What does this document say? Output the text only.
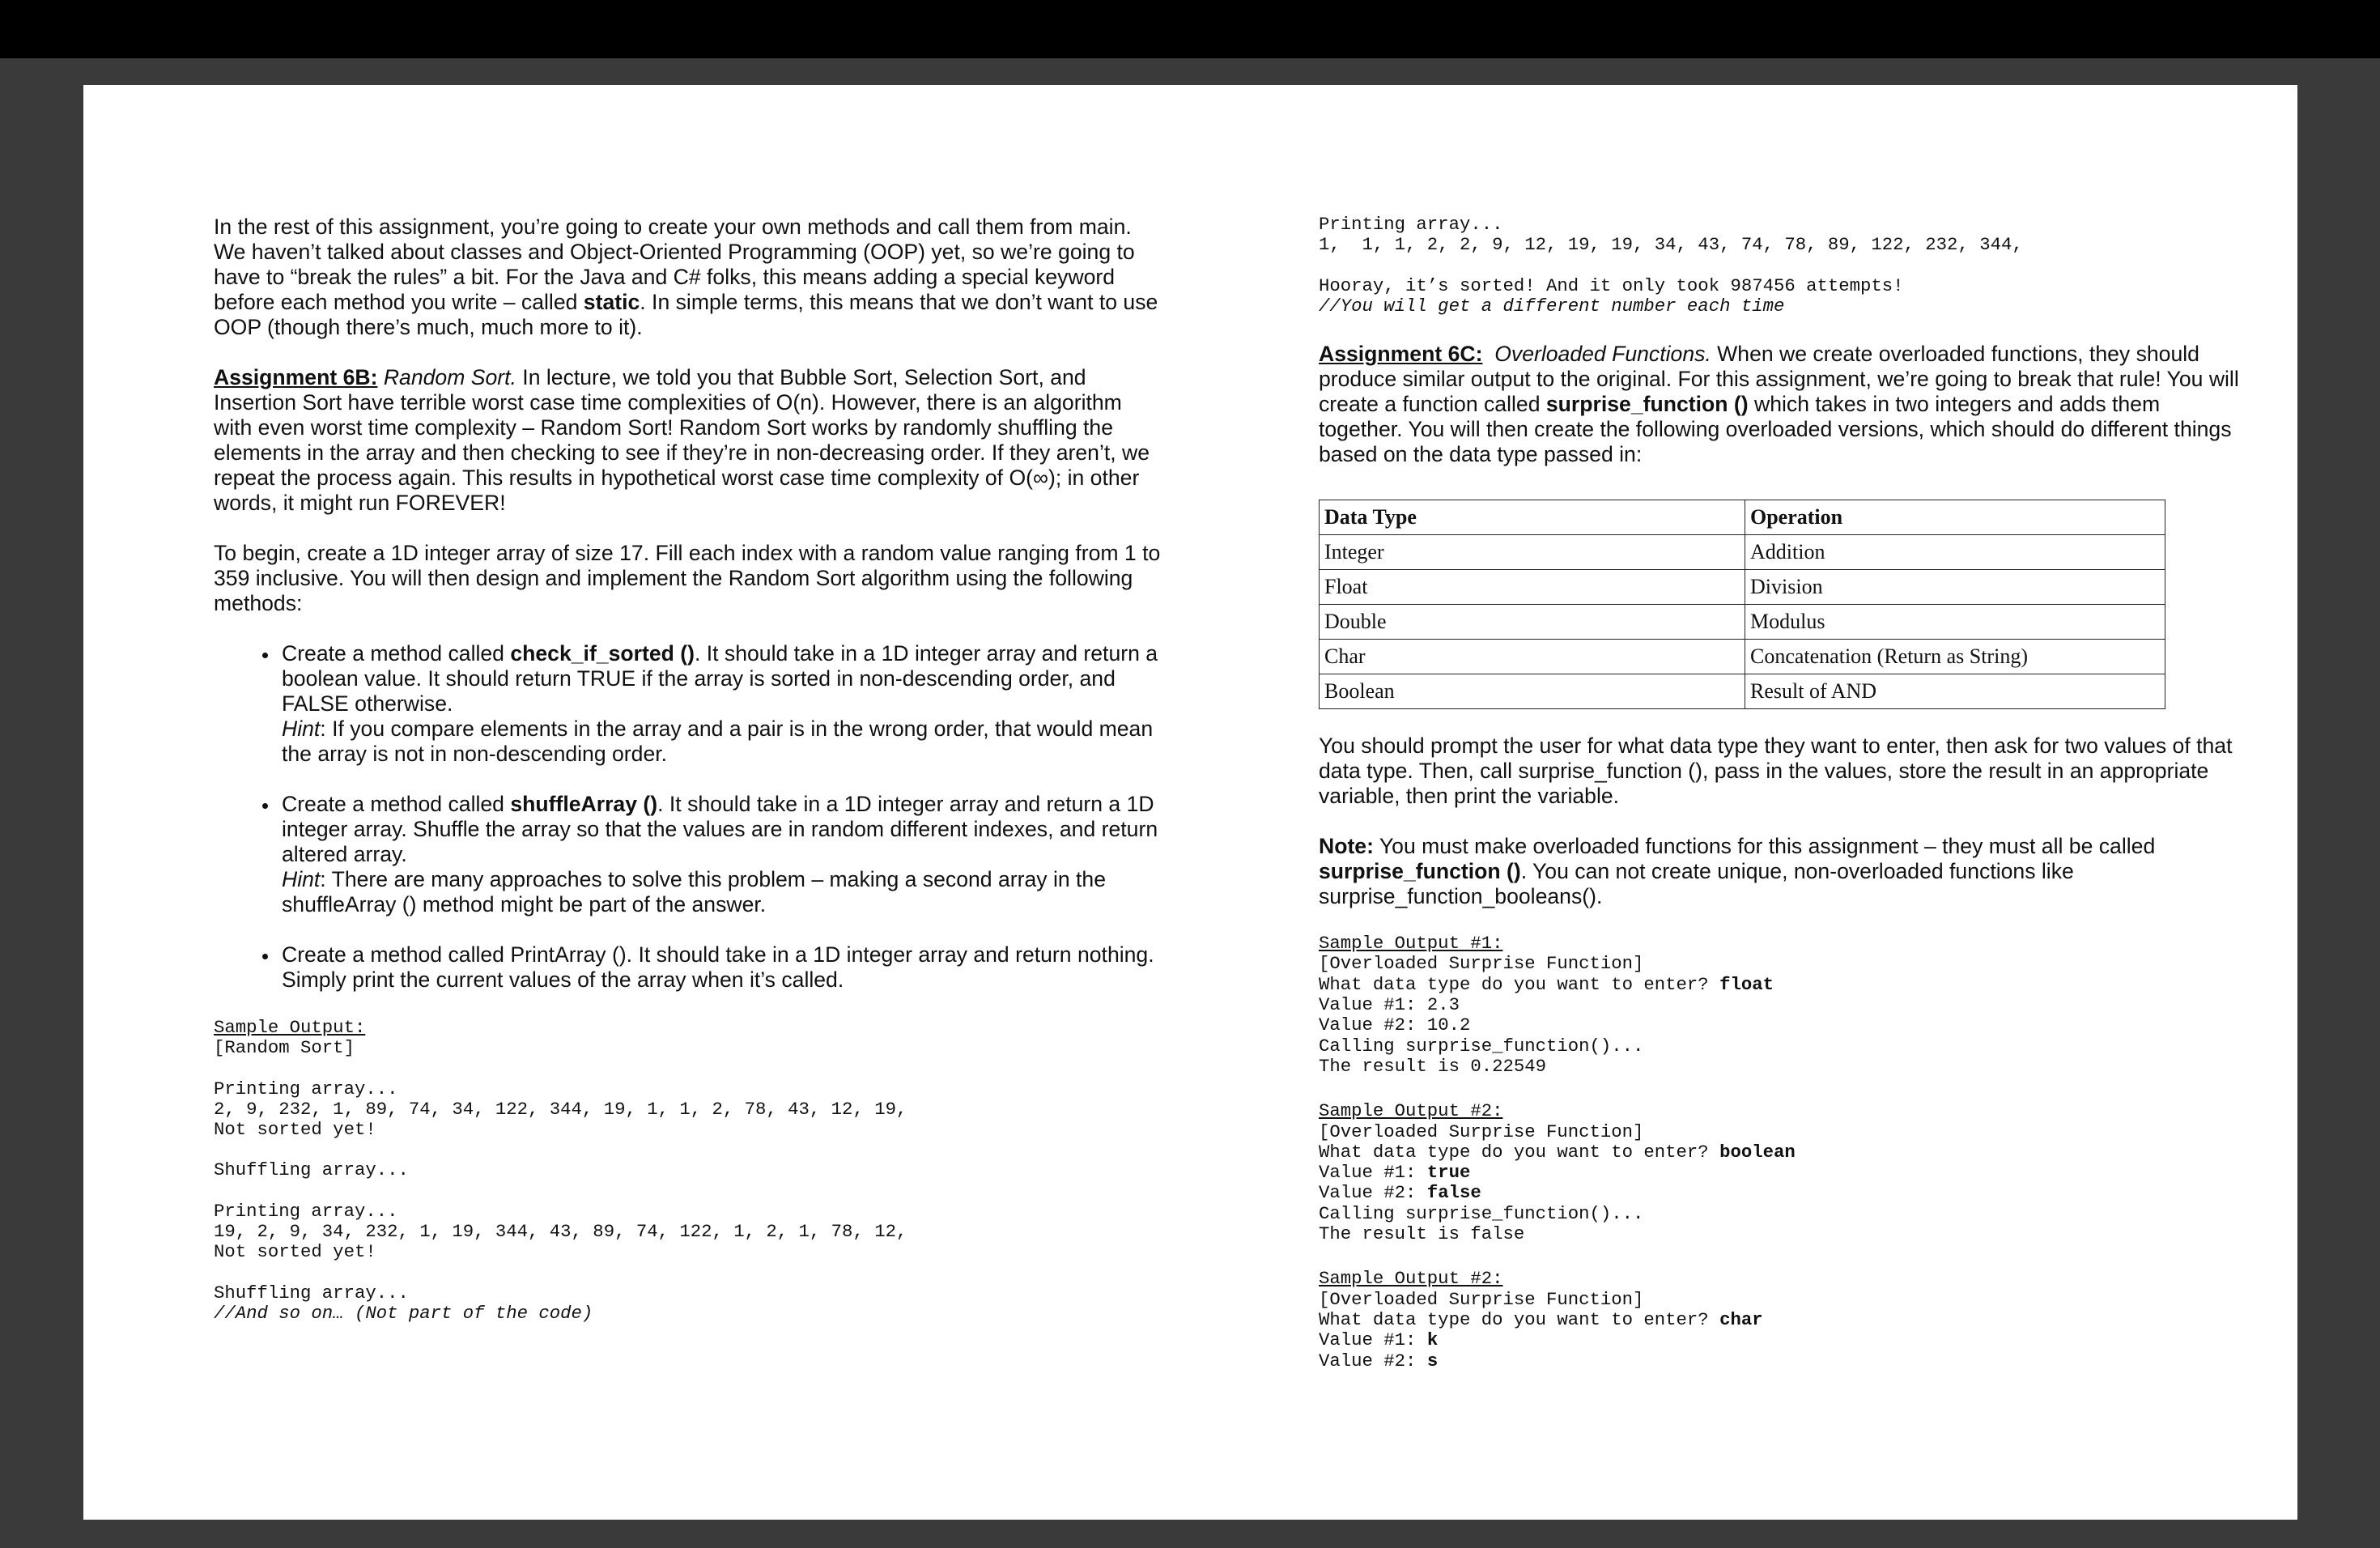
In the rest of this assignment, you’re going to create your own methods and call them from main. We haven’t talked about classes and Object-Oriented Programming (OOP) yet, so we’re going to have to “break the rules” a bit. For the Java and C# folks, this means adding a special keyword before each method you write – called static. In simple terms, this means that we don’t want to use OOP (though there’s much, much more to it).

Assignment 6B: Random Sort. In lecture, we told you that Bubble Sort, Selection Sort, and Insertion Sort have terrible worst case time complexities of O(n). However, there is an algorithm with even worst time complexity – Random Sort! Random Sort works by randomly shuffling the elements in the array and then checking to see if they’re in non-decreasing order. If they aren’t, we repeat the process again. This results in hypothetical worst case time complexity of O(∞); in other words, it might run FOREVER!

To begin, create a 1D integer array of size 17. Fill each index with a random value ranging from 1 to 359 inclusive. You will then design and implement the Random Sort algorithm using the following methods:

• Create a method called check_if_sorted (). It should take in a 1D integer array and return a boolean value. It should return TRUE if the array is sorted in non-descending order, and FALSE otherwise.
Hint: If you compare elements in the array and a pair is in the wrong order, that would mean the array is not in non-descending order.
• Create a method called shuffleArray (). It should take in a 1D integer array and return a 1D integer array. Shuffle the array so that the values are in random different indexes, and return altered array.
Hint: There are many approaches to solve this problem – making a second array in the shuffleArray () method might be part of the answer.
• Create a method called PrintArray (). It should take in a 1D integer array and return nothing. Simply print the current values of the array when it’s called.

Sample Output:

[Random Sort]

Printing array...

2, 9, 232, 1, 89, 74, 34, 122, 344, 19, 1, 1, 2, 78, 43, 12, 19,

Not sorted yet!

Shuffling array...

Printing array...

19, 2, 9, 34, 232, 1, 19, 344, 43, 89, 74, 122, 1, 2, 1, 78, 12,

Not sorted yet!

Shuffling array...

//And so on… (Not part of the code)

Printing array...

1,  1, 1, 2, 2, 9, 12, 19, 19, 34, 43, 74, 78, 89, 122, 232, 344,

Hooray, it’s sorted! And it only took 987456 attempts!

//You will get a different number each time

Assignment 6C: Overloaded Functions. When we create overloaded functions, they should produce similar output to the original. For this assignment, we’re going to break that rule! You will create a function called surprise_function () which takes in two integers and adds them together. You will then create the following overloaded versions, which should do different things based on the data type passed in:

Data Type	Operation
Integer	Addition
Float	Division
Double	Modulus
Char	Concatenation (Return as String)
Boolean	Result of AND

You should prompt the user for what data type they want to enter, then ask for two values of that data type. Then, call surprise_function (), pass in the values, store the result in an appropriate variable, then print the variable.

Note: You must make overloaded functions for this assignment – they must all be called surprise_function (). You can not create unique, non-overloaded functions like surprise_function_booleans().

Sample Output #1:

[Overloaded Surprise Function]

What data type do you want to enter? float

Value #1: 2.3

Value #2: 10.2

Calling surprise_function()...

The result is 0.22549

Sample Output #2:

[Overloaded Surprise Function]

What data type do you want to enter? boolean

Value #1: true

Value #2: false

Calling surprise_function()...

The result is false

Sample Output #2:

[Overloaded Surprise Function]

What data type do you want to enter? char

Value #1: k

Value #2: s
